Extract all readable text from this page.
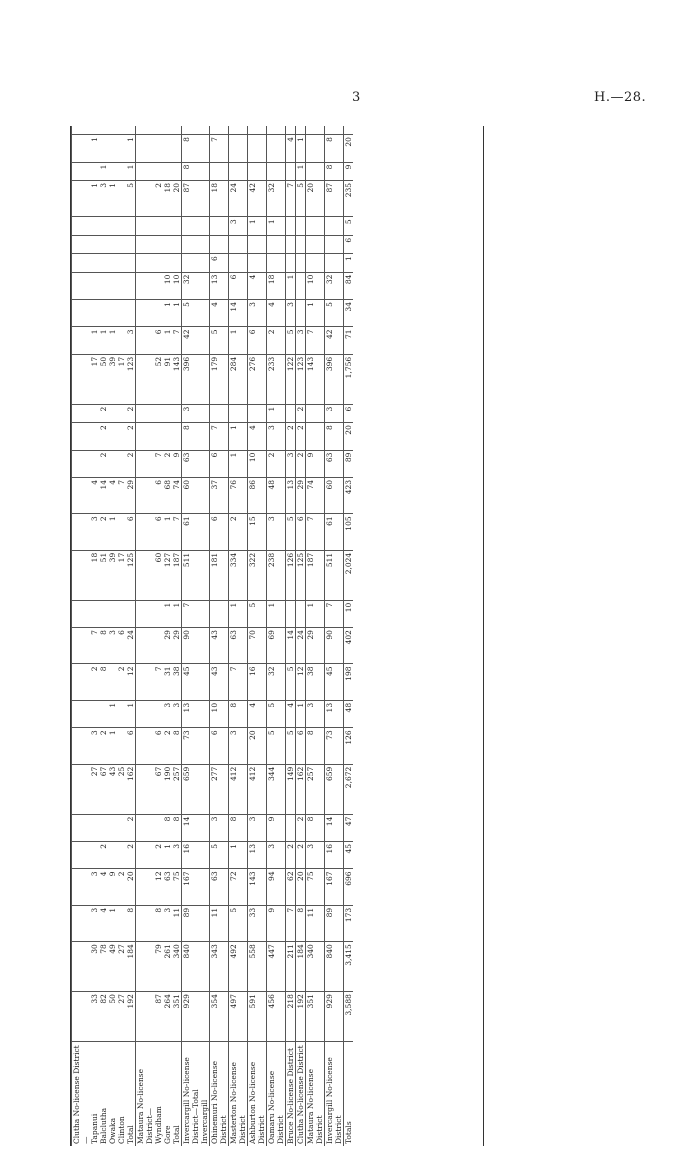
3	H.—28.
Clutha No-license District—																													
Tapanui	33	30	3	3			27	3		2	7		18	3	4				17	1						1		1	
Balclutha	82	78	4	4	2		67	2		8	8		51	2	14	2	2	2	50	1						3	1		
Owaka	50	49	1	9			43	1	1		3		39	1	4				39	1						1			
Clinton	27	27		2			25			2	6		17		7				17										
Total	192	184	8	20	2	2	162	6	1	12	24		125	6	29	2	2	2	123	3						5	1	1	
Mataura No-license District—																													
Wyndham	87	79	8	12	2		67	6		7			60	6	6	7			52	6						2			
Gore	264	261	3	63	1	8	190	2	3	31	29	1	127	1	68	2			91	1	1	10				18			
Total	351	340	11	75	3	8	257	8	3	38	29	1	187	7	74	9			143	7	1	10				20			
Invercargill No-license District—Total Invercargill	929	840	89	167	16	14	659	73	13	45	90	7	511	61	60	63	8	3	396	42	5	32				87	8	8	
Ohinemuri No-license District	354	343	11	63	5	3	277	6	10	43	43		181	6	37	6	7		179	5	4	13	6			18		7	
Masterton No-license District	497	492	5	72	1	8	412	3	8	7	63	1	334	2	76	1	1		284	1	14	6			3	24			
Ashburton No-license District	591	558	33	143	13	3	412	20	4	16	70	5	322	15	86	10	4		276	6	3	4			1	42			
Oamaru No-license District	456	447	9	94	3	9	344	5	5	32	69	1	238	3	48	2	3	1	233	2	4	18			1	32			
Bruce No-license District	218	211	7	62	2		149	5	4	5	14		126	5	13	3	2		122	5	3	1				7		4	
Clutha No-license District	192	184	8	20	2	2	162	6	1	12	24		125	6	29	2	2	2	123	3						5	1	1	
Mataura No-license District	351	340	11	75	3	8	257	8	3	38	29	1	187	7	74	9			143	7	1	10				20			
Invercargill No-license District	929	840	89	167	16	14	659	73	13	45	90	7	511	61	60	63	8	3	396	42	5	32				87	8	8	
Totals	3,588	3,415	173	696	45	47	2,672	126	48	198	402	10	2,024	105	423	89	20	6	1,756	71	34	84	1	6	5	235	9	20	
